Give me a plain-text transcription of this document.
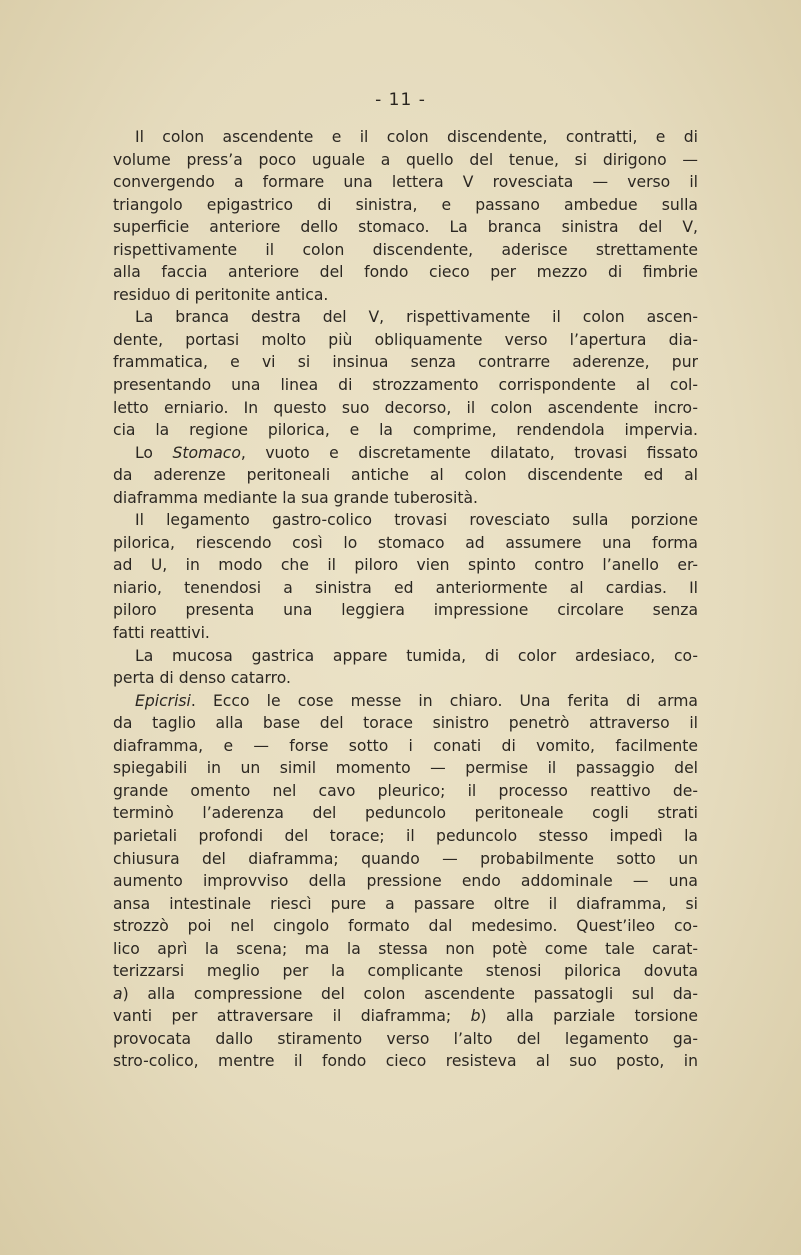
- 11 -
Il colon ascendente e il colon discendente, contratti, e di
volume press’a poco uguale a quello del tenue, si dirigono —
convergendo a formare una lettera V rovesciata — verso il
triangolo epigastrico di sinistra, e passano ambedue sulla
superficie anteriore dello stomaco. La branca sinistra del V,
rispettivamente il colon discendente, aderisce strettamente
alla faccia anteriore del fondo cieco per mezzo di fimbrie
residuo di peritonite antica.
La branca destra del V, rispettivamente il colon ascen-
dente, portasi molto più obliquamente verso l’apertura dia-
frammatica, e vi si insinua senza contrarre aderenze, pur
presentando una linea di strozzamento corrispondente al col-
letto erniario. In questo suo decorso, il colon ascendente incro-
cia la regione pilorica, e la comprime, rendendola impervia.
Lo Stomaco, vuoto e discretamente dilatato, trovasi fissato
da aderenze peritoneali antiche al colon discendente ed al
diaframma mediante la sua grande tuberosità.
Il legamento gastro-colico trovasi rovesciato sulla porzione
pilorica, riescendo così lo stomaco ad assumere una forma
ad U, in modo che il piloro vien spinto contro l’anello er-
niario, tenendosi a sinistra ed anteriormente al cardias. Il
piloro presenta una leggiera impressione circolare senza
fatti reattivi.
La mucosa gastrica appare tumida, di color ardesiaco, co-
perta di denso catarro.
Epicrisi. Ecco le cose messe in chiaro. Una ferita di arma
da taglio alla base del torace sinistro penetrò attraverso il
diaframma, e — forse sotto i conati di vomito, facilmente
spiegabili in un simil momento — permise il passaggio del
grande omento nel cavo pleurico; il processo reattivo de-
terminò l’aderenza del peduncolo peritoneale cogli strati
parietali profondi del torace; il peduncolo stesso impedì la
chiusura del diaframma; quando — probabilmente sotto un
aumento improvviso della pressione endo addominale — una
ansa intestinale riescì pure a passare oltre il diaframma, si
strozzò poi nel cingolo formato dal medesimo. Quest’ileo co-
lico aprì la scena; ma la stessa non potè come tale carat-
terizzarsi meglio per la complicante stenosi pilorica dovuta
a) alla compressione del colon ascendente passatogli sul da-
vanti per attraversare il diaframma; b) alla parziale torsione
provocata dallo stiramento verso l’alto del legamento ga-
stro-colico, mentre il fondo cieco resisteva al suo posto, in
